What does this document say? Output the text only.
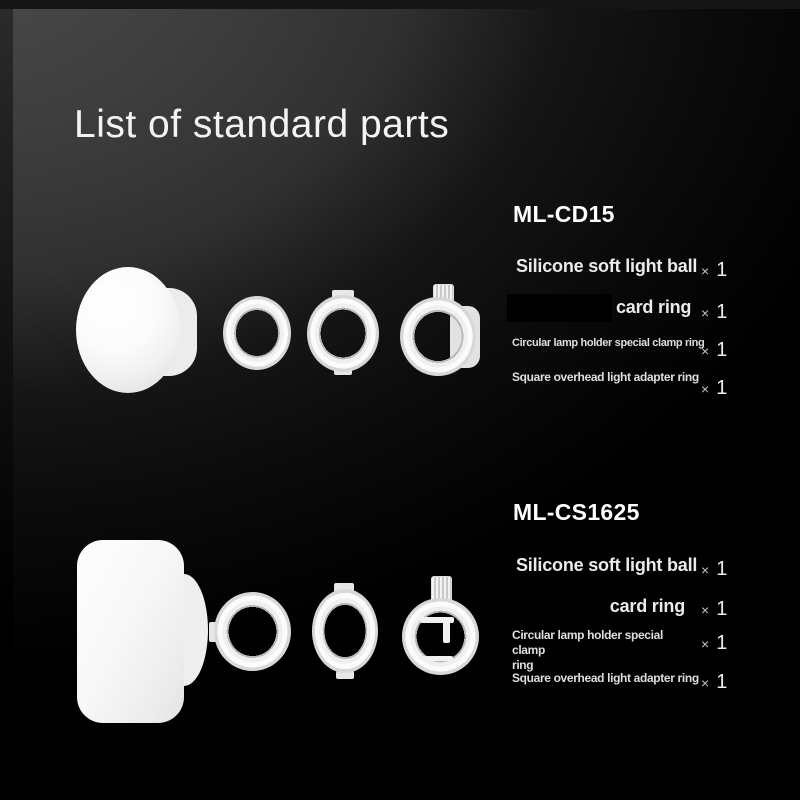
List of standard parts
ML-CD15
Silicone soft light ball × 1
card ring × 1
Circular lamp holder special clamp ring
× 1
Square overhead light adapter ring
× 1
ML-CS1625
Silicone soft light ball × 1
card ring × 1
Circular lamp holder special clamp
ring
× 1
Square overhead light adapter ring × 1
